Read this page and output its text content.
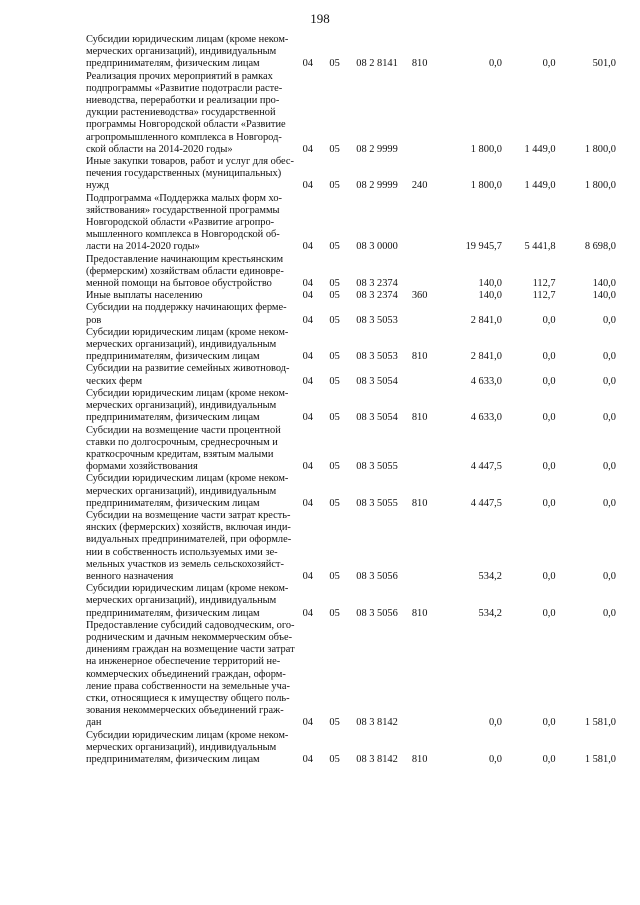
198
Субсидии юридическим лицам (кроме неком-
мерческих организаций), индивидуальным
предпринимателям, физическим лицам	04	05	08 2 8141	810	0,0	0,0	501,0
Реализация прочих мероприятий в рамках
подпрограммы «Развитие подотрасли расте-
ниеводства, переработки и реализации про-
дукции растениеводства» государственной
программы Новгородской области «Развитие
агропромышленного комплекса в Новгород-
ской области на 2014-2020 годы»	04	05	08 2 9999	1 800,0	1 449,0	1 800,0
Иные закупки товаров, работ и услуг для обес-
печения государственных (муниципальных)
нужд	04	05	08 2 9999	240	1 800,0	1 449,0	1 800,0
Подпрограмма «Поддержка малых форм хо-
зяйствования» государственной программы
Новгородской области «Развитие агропро-
мышленного комплекса в Новгородской об-
ласти на 2014-2020 годы»	04	05	08 3 0000	19 945,7	5 441,8	8 698,0
Предоставление начинающим крестьянским
(фермерским) хозяйствам области единовре-
менной помощи на бытовое обустройство	04	05	08 3 2374	140,0	112,7	140,0
Иные выплаты населению	04	05	08 3 2374	360	140,0	112,7	140,0
Субсидии на поддержку начинающих ферме-
ров	04	05	08 3 5053	2 841,0	0,0	0,0
Субсидии юридическим лицам (кроме неком-
мерческих организаций), индивидуальным
предпринимателям, физическим лицам	04	05	08 3 5053	810	2 841,0	0,0	0,0
Субсидии на развитие семейных животновод-
ческих ферм	04	05	08 3 5054	4 633,0	0,0	0,0
Субсидии юридическим лицам (кроме неком-
мерческих организаций), индивидуальным
предпринимателям, физическим лицам	04	05	08 3 5054	810	4 633,0	0,0	0,0
Субсидии на возмещение части процентной
ставки по долгосрочным, среднесрочным и
краткосрочным кредитам, взятым малыми
формами хозяйствования	04	05	08 3 5055	4 447,5	0,0	0,0
Субсидии юридическим лицам (кроме неком-
мерческих организаций), индивидуальным
предпринимателям, физическим лицам	04	05	08 3 5055	810	4 447,5	0,0	0,0
Субсидии на возмещение части затрат кресть-
янских (фермерских) хозяйств, включая инди-
видуальных предпринимателей, при оформле-
нии в собственность используемых ими зе-
мельных участков из земель сельскохозяйст-
венного назначения	04	05	08 3 5056	534,2	0,0	0,0
Субсидии юридическим лицам (кроме неком-
мерческих организаций), индивидуальным
предпринимателям, физическим лицам	04	05	08 3 5056	810	534,2	0,0	0,0
Предоставление субсидий садоводческим, ого-
родническим и дачным некоммерческим объе-
динениям граждан на возмещение части затрат
на инженерное обеспечение территорий не-
коммерческих объединений граждан, оформ-
ление права собственности на земельные уча-
стки, относящиеся к имуществу общего поль-
зования некоммерческих объединений граж-
дан	04	05	08 3 8142	0,0	0,0	1 581,0
Субсидии юридическим лицам (кроме неком-
мерческих организаций), индивидуальным
предпринимателям, физическим лицам	04	05	08 3 8142	810	0,0	0,0	1 581,0
